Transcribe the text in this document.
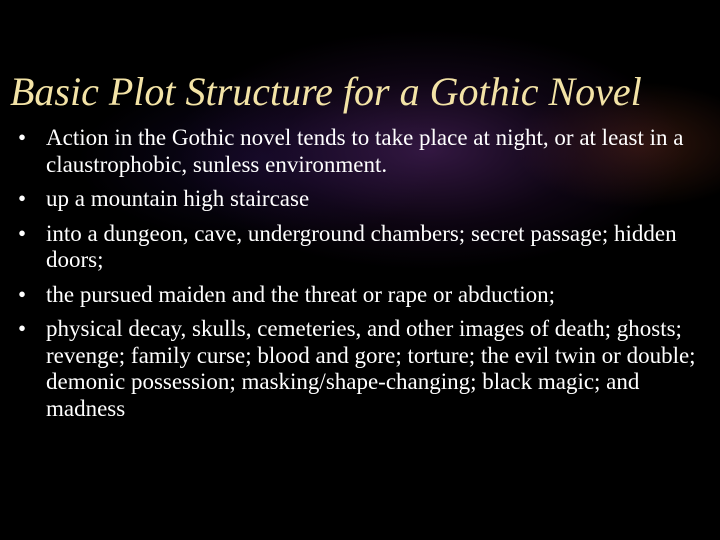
Basic Plot Structure for a Gothic Novel
• Action in the Gothic novel tends to take place at night, or at least in a claustrophobic, sunless environment.
• up a mountain high staircase
• into a dungeon, cave, underground chambers; secret passage; hidden doors;
• the pursued maiden and the threat or rape or abduction;
• physical decay, skulls, cemeteries, and other images of death; ghosts; revenge; family curse; blood and gore; torture; the evil twin or double; demonic possession; masking/shape-changing; black magic; and madness
